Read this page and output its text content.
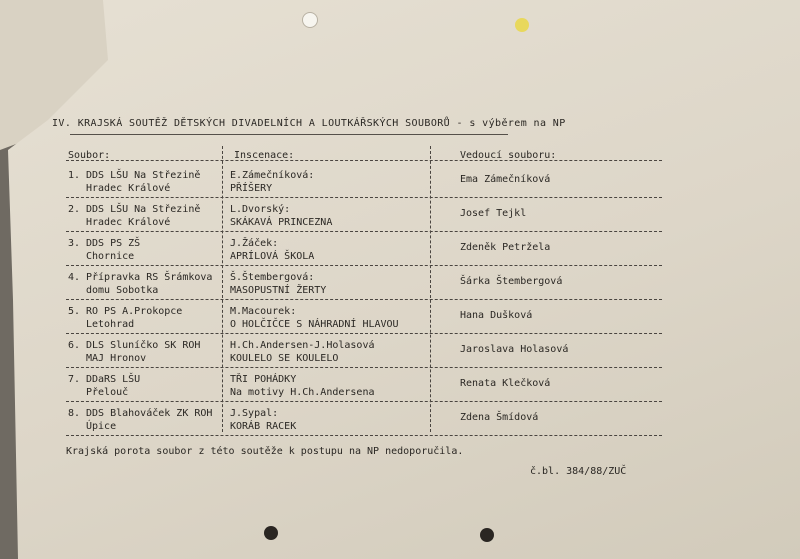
IV. KRAJSKÁ SOUTĚŽ DĚTSKÝCH DIVADELNÍCH A LOUTKÁŘSKÝCH SOUBORŮ - s výběrem na NP
Soubor:	Inscenace:	Vedoucí souboru:
1. DDS LŠU Na Střezině
Hradec Králové
E.Zámečníková:
PŘÍŠERY
Ema Zámečníková
2. DDS LŠU Na Střezině
Hradec Králové
L.Dvorský:
SKÁKAVÁ PRINCEZNA
Josef Tejkl
3. DDS PS ZŠ
Chornice
J.Žáček:
APRÍLOVÁ ŠKOLA
Zdeněk Petržela
4. Přípravka RS Šrámkova
domu Sobotka
Š.Štembergová:
MASOPUSTNÍ ŽERTY
Šárka Štembergová
5. RO PS A.Prokopce
Letohrad
M.Macourek:
O HOLČIČCE S NÁHRADNÍ HLAVOU
Hana Dušková
6. DLS Sluníčko SK ROH
MAJ Hronov
H.Ch.Andersen-J.Holasová
KOULELO SE KOULELO
Jaroslava Holasová
7. DDaRS LŠU
Přelouč
TŘI POHÁDKY
Na motivy H.Ch.Andersena
Renata Klečková
8. DDS Blahováček ZK ROH
Úpice
J.Sypal:
KORÁB RACEK
Zdena Šmídová
Krajská porota soubor z této soutěže k postupu na NP nedoporučila.
č.bl. 384/88/ZUČ
